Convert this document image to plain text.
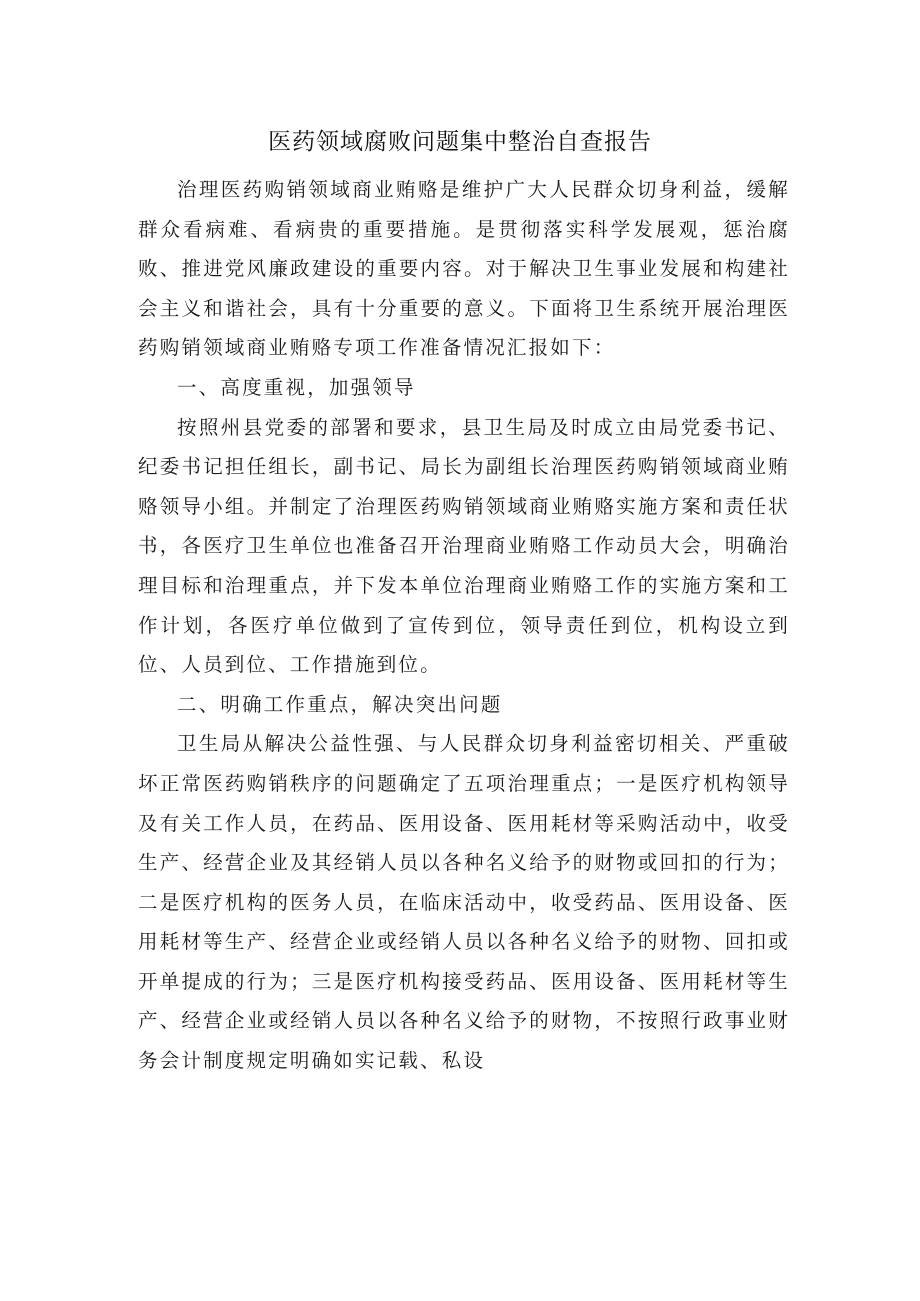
医药领域腐败问题集中整治自查报告

治理医药购销领域商业贿赂是维护广大人民群众切身利益，缓解群众看病难、看病贵的重要措施。是贯彻落实科学发展观，惩治腐败、推进党风廉政建设的重要内容。对于解决卫生事业发展和构建社会主义和谐社会，具有十分重要的意义。下面将卫生系统开展治理医药购销领域商业贿赂专项工作准备情况汇报如下：

一、高度重视，加强领导

按照州县党委的部署和要求，县卫生局及时成立由局党委书记、纪委书记担任组长，副书记、局长为副组长治理医药购销领域商业贿赂领导小组。并制定了治理医药购销领域商业贿赂实施方案和责任状书，各医疗卫生单位也准备召开治理商业贿赂工作动员大会，明确治理目标和治理重点，并下发本单位治理商业贿赂工作的实施方案和工作计划，各医疗单位做到了宣传到位，领导责任到位，机构设立到位、人员到位、工作措施到位。

二、明确工作重点，解决突出问题

卫生局从解决公益性强、与人民群众切身利益密切相关、严重破坏正常医药购销秩序的问题确定了五项治理重点；一是医疗机构领导及有关工作人员，在药品、医用设备、医用耗材等采购活动中，收受生产、经营企业及其经销人员以各种名义给予的财物或回扣的行为；二是医疗机构的医务人员，在临床活动中，收受药品、医用设备、医用耗材等生产、经营企业或经销人员以各种名义给予的财物、回扣或开单提成的行为；三是医疗机构接受药品、医用设备、医用耗材等生产、经营企业或经销人员以各种名义给予的财物，不按照行政事业财务会计制度规定明确如实记载、私设
